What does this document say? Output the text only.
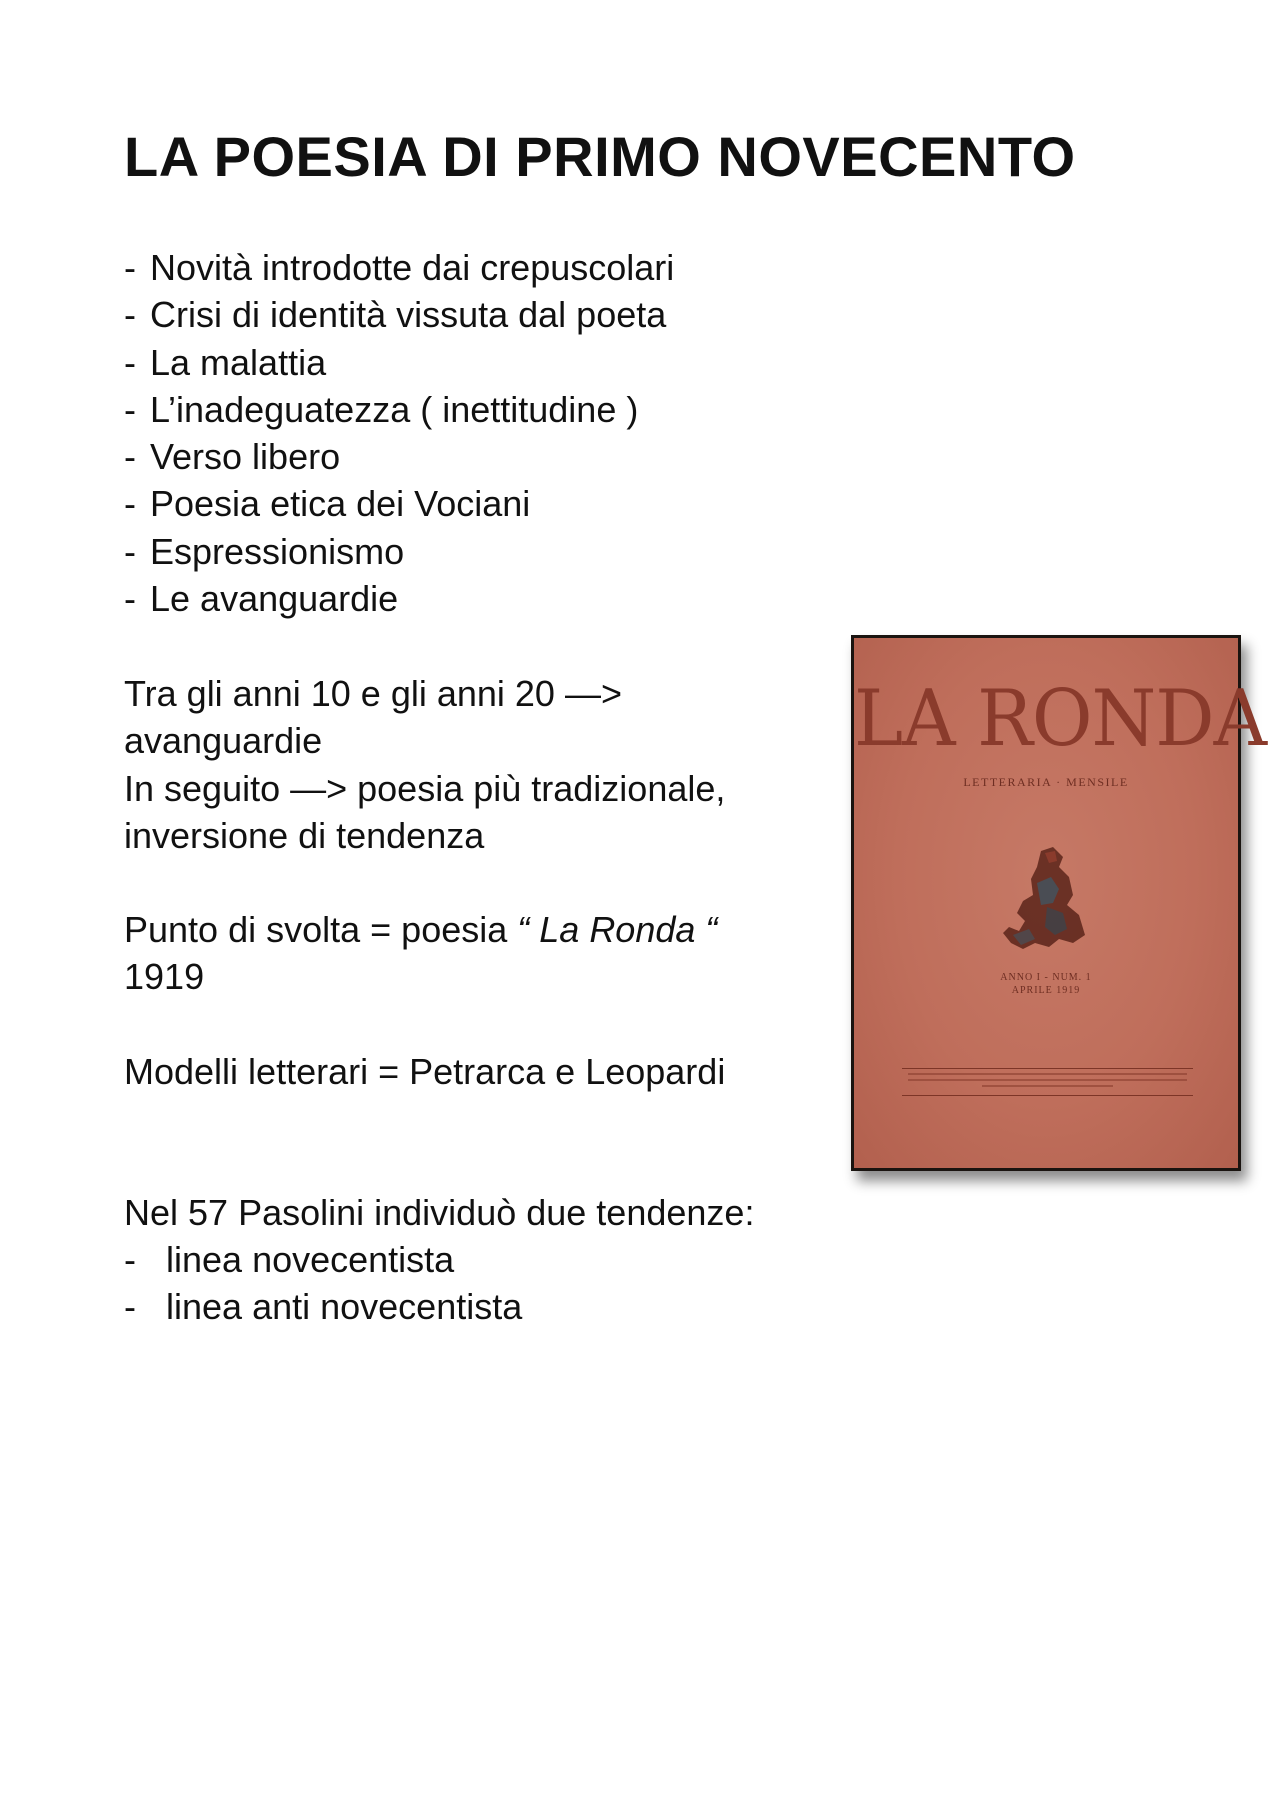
LA POESIA DI PRIMO NOVECENTO
- Novità introdotte dai crepuscolari
- Crisi di identità vissuta dal poeta
- La malattia
- L’inadeguatezza ( inettitudine )
- Verso libero
- Poesia etica dei Vociani
- Espressionismo
- Le avanguardie

Tra gli anni 10 e gli anni 20 —>
avanguardie
In seguito —> poesia più tradizionale,
inversione di tendenza

Punto di svolta = poesia “ La Ronda “
1919

Modelli letterari = Petrarca e Leopardi

Nel 57 Pasolini individuò due tendenze:

- linea novecentista
- linea anti novecentista
LA RONDA
LETTERARIA · MENSILE
ANNO I - NUM. 1
APRILE 1919
